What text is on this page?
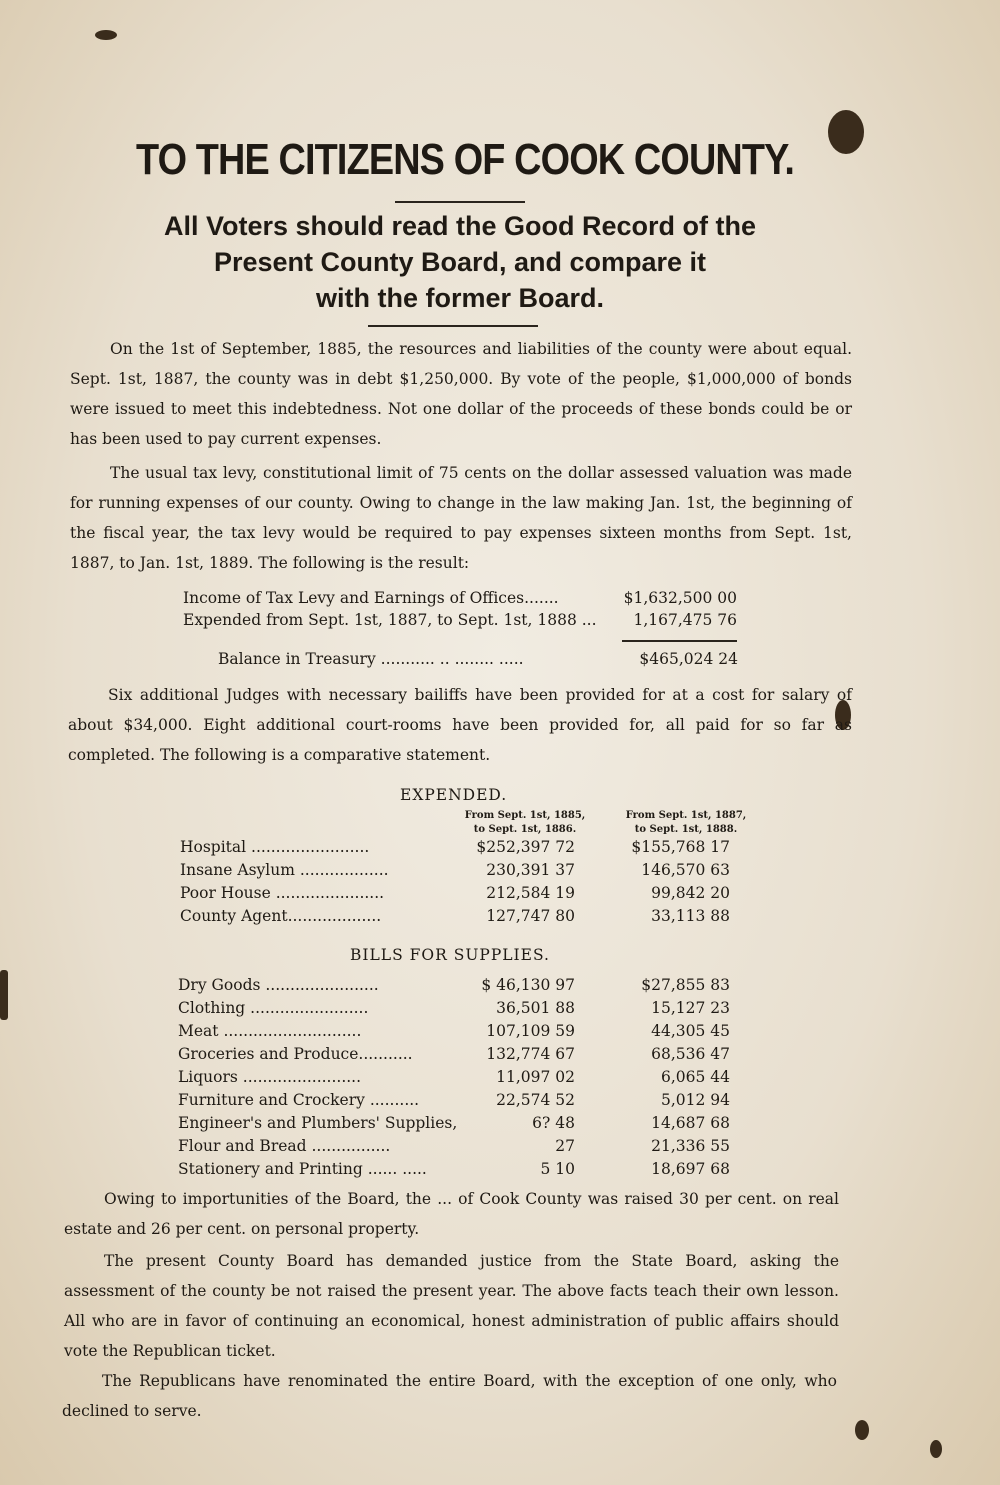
TO THE CITIZENS OF COOK COUNTY.
All Voters should read the Good Record of the
Present County Board, and compare it
with the former Board.
On the 1st of September, 1885, the resources and liabilities of the county were about equal. Sept. 1st, 1887, the county was in debt $1,250,000. By vote of the people, $1,000,000 of bonds were issued to meet this indebtedness. Not one dollar of the proceeds of these bonds could be or has been used to pay current expenses.
The usual tax levy, constitutional limit of 75 cents on the dollar assessed valuation was made for running expenses of our county. Owing to change in the law making Jan. 1st, the beginning of the fiscal year, the tax levy would be required to pay expenses sixteen months from Sept. 1st, 1887, to Jan. 1st, 1889. The following is the result:
Income of Tax Levy and Earnings of Offices.......	$1,632,500 00
Expended from Sept. 1st, 1887, to Sept. 1st, 1888 ... 1,167,475 76
Balance in Treasury ........... .. ........ .....	$465,024 24
Six additional Judges with necessary bailiffs have been provided for at a cost for salary of about $34,000. Eight additional court-rooms have been provided for, all paid for so far as completed. The following is a comparative statement.
EXPENDED.
From Sept. 1st, 1885,
to Sept. 1st, 1886.
From Sept. 1st, 1887,
to Sept. 1st, 1888.
Hospital ........................	$252,397 72	$155,768 17
Insane Asylum ..................	230,391 37	146,570 63
Poor House ......................	212,584 19	99,842 20
County Agent...................	127,747 80	33,113 88
BILLS FOR SUPPLIES.
Dry Goods .......................	$ 46,130 97	$27,855 83
Clothing ........................	36,501 88	15,127 23
Meat ............................	107,109 59	44,305 45
Groceries and Produce...........	132,774 67	68,536 47
Liquors ........................	11,097 02	6,065 44
Furniture and Crockery ..........	22,574 52	5,012 94
Engineer's and Plumbers' Supplies,	6? 48	14,687 68
Flour and Bread ................	27	21,336 55
Stationery and Printing ...... .....	5 10	18,697 68
Owing to importunities of the Board, the ... of Cook County was raised 30 per cent. on real estate and 26 per cent. on personal property.
The present County Board has demanded justice from the State Board, asking the assessment of the county be not raised the present year. The above facts teach their own lesson. All who are in favor of continuing an economical, honest administration of public affairs should vote the Republican ticket.
The Republicans have renominated the entire Board, with the exception of one only, who declined to serve.
